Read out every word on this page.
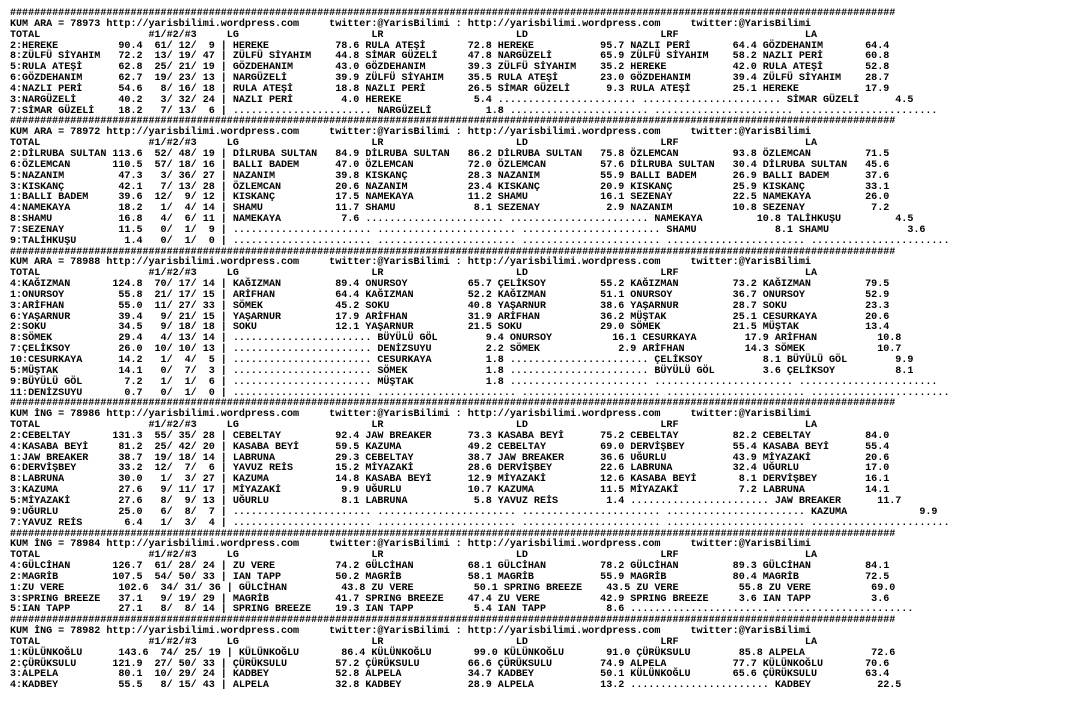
###################################################################################################################################################
KUM ARA = 78973 http://yarisbilimi.wordpress.com     twitter:@YarisBilimi : http://yarisbilimi.wordpress.com     twitter:@YarisBilimi
TOTAL                  #1/#2/#3     LG                      LR                      LD                      LRF                     LA
2:HEREKE          90.4  61/ 12/  9 | HEREKE           78.6 RULA ATEŞİ       72.8 HEREKE           95.7 NAZLI PERİ       64.4 GÖZDEHANIM       64.4
8:ZÜLFÜ SİYAHIM   72.2  13/ 19/ 47 | ZÜLFÜ SİYAHIM    44.8 SİMAR GÜZELİ     47.8 NARGÜZELİ        65.9 ZÜLFÜ SİYAHIM    58.2 NAZLI PERİ       60.8
5:RULA ATEŞİ      62.8  25/ 21/ 19 | GÖZDEHANIM       43.0 GÖZDEHANIM       39.3 ZÜLFÜ SİYAHIM    35.2 HEREKE           42.0 RULA ATEŞİ       52.8
6:GÖZDEHANIM      62.7  19/ 23/ 13 | NARGÜZELİ        39.9 ZÜLFÜ SİYAHIM    35.5 RULA ATEŞİ       23.0 GÖZDEHANIM       39.4 ZÜLFÜ SİYAHIM    28.7
4:NAZLI PERİ      54.6   8/ 16/ 18 | RULA ATEŞİ       18.8 NAZLI PERİ       26.5 SİMAR GÜZELİ      9.3 RULA ATEŞİ       25.1 HEREKE           17.9
3:NARGÜZELİ       40.2   3/ 32/ 24 | NAZLI PERİ        4.0 HEREKE            5.4 ....................... ....................... SİMAR GÜZELİ      4.5
7:SİMAR GÜZELİ    18.2   7/ 13/  6 | ....................... NARGÜZELİ         1.8 ....................... ....................... .......................
###################################################################################################################################################
KUM ARA = 78972 http://yarisbilimi.wordpress.com     twitter:@YarisBilimi : http://yarisbilimi.wordpress.com     twitter:@YarisBilimi
TOTAL                  #1/#2/#3     LG                      LR                      LD                      LRF                     LA
2:DİLRUBA SULTAN 113.6  52/ 48/ 19 | DİLRUBA SULTAN   84.9 DİLRUBA SULTAN   86.2 DİLRUBA SULTAN   75.8 ÖZLEMCAN         93.8 ÖZLEMCAN         71.5
6:ÖZLEMCAN       110.5  57/ 18/ 16 | BALLI BADEM      47.0 ÖZLEMCAN         72.0 ÖZLEMCAN         57.6 DİLRUBA SULTAN   30.4 DİLRUBA SULTAN   45.6
5:NAZANIM         47.3   3/ 36/ 27 | NAZANIM          39.8 KISKANÇ          28.3 NAZANIM          55.9 BALLI BADEM      26.9 BALLI BADEM      37.6
3:KISKANÇ         42.1   7/ 13/ 28 | ÖZLEMCAN         20.6 NAZANIM          23.4 KISKANÇ          20.9 KISKANÇ          25.9 KISKANÇ          33.1
1:BALLI BADEM     39.6  12/  9/ 12 | KISKANÇ          17.5 NAMEKAYA         11.2 SHAMU            16.1 SEZENAY          22.5 NAMEKAYA         26.0
4:NAMEKAYA        18.2   1/  4/ 14 | SHAMU            11.7 SHAMU             8.1 SEZENAY           2.9 NAZANIM          10.8 SEZENAY           7.2
8:SHAMU           16.8   4/  6/ 11 | NAMEKAYA          7.6 ....................... ....................... NAMEKAYA         10.8 TALİHKUŞU         4.5
7:SEZENAY         11.5   0/  1/  9 | ....................... ....................... ....................... SHAMU             8.1 SHAMU             3.6
9:TALİHKUŞU        1.4   0/  1/  0 | ....................... ....................... ....................... ....................... .......................
###################################################################################################################################################
KUM ARA = 78988 http://yarisbilimi.wordpress.com     twitter:@YarisBilimi : http://yarisbilimi.wordpress.com     twitter:@YarisBilimi
TOTAL                  #1/#2/#3     LG                      LR                      LD                      LRF                     LA
4:KAĞIZMAN       124.8  70/ 17/ 14 | KAĞIZMAN         89.4 ONURSOY          65.7 ÇELİKSOY         55.2 KAĞIZMAN         73.2 KAĞIZMAN         79.5
1:ONURSOY         55.8  21/ 17/ 15 | ARİFHAN          64.4 KAĞIZMAN         52.2 KAĞIZMAN         51.1 ONURSOY          36.7 ONURSOY          52.9
3:ARİFHAN         55.0  11/ 27/ 33 | SÖMEK            45.2 SOKU             40.8 YAŞARNUR         38.6 YAŞARNUR         28.7 SOKU             23.3
6:YAŞARNUR        39.4   9/ 21/ 15 | YAŞARNUR         17.9 ARİFHAN          31.9 ARİFHAN          36.2 MÜŞTAK           25.1 CESURKAYA        20.6
2:SOKU            34.5   9/ 18/ 18 | SOKU             12.1 YAŞARNUR         21.5 SOKU             29.0 SÖMEK            21.5 MÜŞTAK           13.4
8:SÖMEK           29.4   4/ 13/ 14 | ....................... BÜYÜLÜ GÖL        9.4 ONURSOY          16.1 CESURKAYA        17.9 ARİFHAN          10.8
7:ÇELİKSOY        26.0  10/ 10/ 13 | ....................... DENİZSUYU         2.2 SÖMEK             2.9 ARİFHAN          14.3 SÖMEK            10.7
10:CESURKAYA      14.2   1/  4/  5 | ....................... CESURKAYA         1.8 ....................... ÇELİKSOY          8.1 BÜYÜLÜ GÖL        9.9
5:MÜŞTAK          14.1   0/  7/  3 | ....................... SÖMEK             1.8 ....................... BÜYÜLÜ GÖL        3.6 ÇELİKSOY          8.1
9:BÜYÜLÜ GÖL       7.2   1/  1/  6 | ....................... MÜŞTAK            1.8 ....................... ....................... .......................
11:DENİZSUYU       0.7   0/  1/  0 | ....................... ....................... ....................... ....................... .......................
###################################################################################################################################################
KUM İNG = 78986 http://yarisbilimi.wordpress.com     twitter:@YarisBilimi : http://yarisbilimi.wordpress.com     twitter:@YarisBilimi
TOTAL                  #1/#2/#3     LG                      LR                      LD                      LRF                     LA
2:CEBELTAY       131.3  55/ 35/ 28 | CEBELTAY         92.4 JAW BREAKER      73.3 KASABA BEYİ      75.2 CEBELTAY         82.2 CEBELTAY         84.0
4:KASABA BEYİ     81.2  25/ 42/ 20 | KASABA BEYİ      59.5 KAZUMA           49.2 CEBELTAY         69.0 DERVİŞBEY        55.4 KASABA BEYİ      55.4
1:JAW BREAKER     38.7  19/ 18/ 14 | LABRUNA          29.3 CEBELTAY         38.7 JAW BREAKER      36.6 UĞURLU           43.9 MİYAZAKİ         20.6
6:DERVİŞBEY       33.2  12/  7/  6 | YAVUZ REİS       15.2 MİYAZAKİ         28.6 DERVİŞBEY        22.6 LABRUNA          32.4 UĞURLU           17.0
8:LABRUNA         30.0   1/  3/ 27 | KAZUMA           14.8 KASABA BEYİ      12.9 MİYAZAKİ         12.6 KASABA BEYİ       8.1 DERVİŞBEY        16.1
3:KAZUMA          27.6   9/ 11/ 17 | MİYAZAKİ          9.9 UĞURLU           10.7 KAZUMA           11.5 MİYAZAKİ          7.2 LABRUNA          14.1
5:MİYAZAKİ        27.6   8/  9/ 13 | UĞURLU            8.1 LABRUNA           5.8 YAVUZ REİS        1.4 ....................... JAW BREAKER      11.7
9:UĞURLU          25.0   6/  8/  7 | ....................... ....................... ....................... ....................... KAZUMA            9.9
7:YAVUZ REİS       6.4   1/  3/  4 | ....................... ....................... ....................... ....................... .......................
###################################################################################################################################################
KUM İNG = 78984 http://yarisbilimi.wordpress.com     twitter:@YarisBilimi : http://yarisbilimi.wordpress.com     twitter:@YarisBilimi
TOTAL                  #1/#2/#3     LG                      LR                      LD                      LRF                     LA
4:GÜLCİHAN       126.7  61/ 28/ 24 | ZU VERE          74.2 GÜLCİHAN         68.1 GÜLCİHAN         78.2 GÜLCİHAN         89.3 GÜLCİHAN         84.1
2:MAGRİB         107.5  54/ 50/ 33 | IAN TAPP         50.2 MAGRİB           58.1 MAGRİB           55.9 MAGRİB           80.4 MAGRİB           72.5
1:ZU VERE         102.6  34/ 31/ 36 | GÜLCİHAN         43.8 ZU VERE          50.1 SPRING BREEZE    43.5 ZU VERE          55.8 ZU VERE          69.0
3:SPRING BREEZE   37.1   9/ 19/ 29 | MAGRİB           41.7 SPRING BREEZE    47.4 ZU VERE          42.9 SPRING BREEZE     3.6 IAN TAPP          3.6
5:IAN TAPP        27.1   8/  8/ 14 | SPRING BREEZE    19.3 IAN TAPP          5.4 IAN TAPP          8.6 ....................... .......................
###################################################################################################################################################
KUM İNG = 78982 http://yarisbilimi.wordpress.com     twitter:@YarisBilimi : http://yarisbilimi.wordpress.com     twitter:@YarisBilimi
TOTAL                  #1/#2/#3     LG                      LR                      LD                      LRF                     LA
1:KÜLÜNKOĞLU      143.6  74/ 25/ 19 | KÜLÜNKOĞLU       86.4 KÜLÜNKOĞLU       99.0 KÜLÜNKOĞLU       91.0 ÇÜRÜKSULU        85.8 ALPELA           72.6
2:ÇÜRÜKSULU      121.9  27/ 50/ 33 | ÇÜRÜKSULU        57.2 ÇÜRÜKSULU        66.6 ÇÜRÜKSULU        74.9 ALPELA           77.7 KÜLÜNKOĞLU       70.6
3:ALPELA          80.1  10/ 29/ 24 | KADBEY           52.8 ALPELA           34.7 KADBEY           50.1 KÜLÜNKOĞLU       65.6 ÇÜRÜKSULU        63.4
4:KADBEY          55.5   8/ 15/ 43 | ALPELA           32.8 KADBEY           28.9 ALPELA           13.2 ....................... KADBEY           22.5
